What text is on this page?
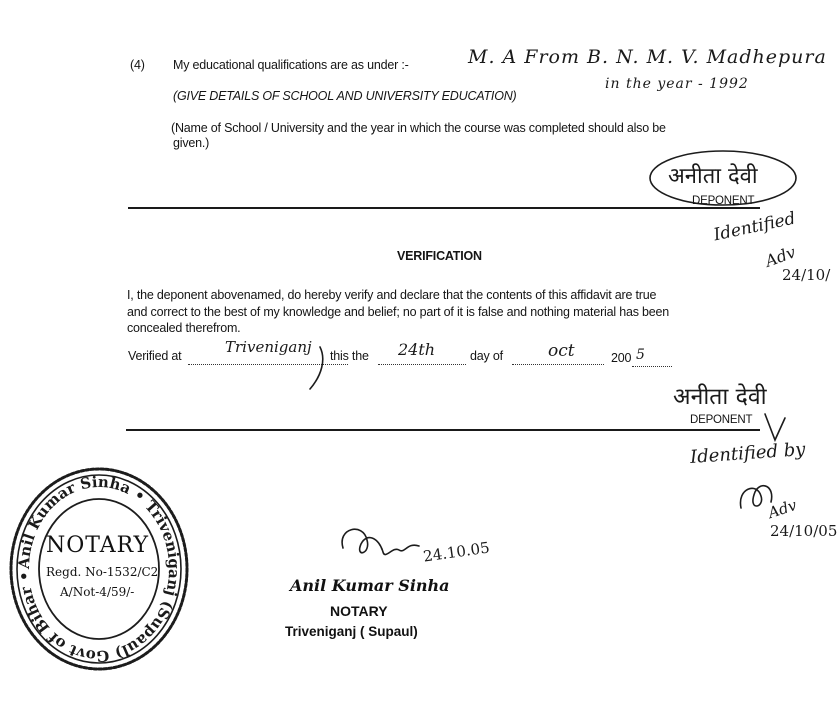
(4) My educational qualifications are as under :-	M. A From B. N. M. V. Madhepura
in the year - 1992
(GIVE DETAILS OF SCHOOL AND UNIVERSITY EDUCATION)
(Name of School / University and the year in which the course was completed should also be
given.)
अनीता देवी
DEPONENT
Identified
Adv
24/10/
VERIFICATION
I, the deponent abovenamed, do hereby verify and declare that the contents of this affidavit are true
and correct to the best of my knowledge and belief; no part of it is false and nothing material has been
concealed therefrom.
Verified at	Triveniganj this the 24th	day of	oct	200 5
अनीता देवी
DEPONENT
Identified by
Adv
24/10/05
Anil Kumar Sinha • Triveniganj (Supaul) Govt of Bihar •
NOTARY
Regd. No-1532/C2
A/Not-4/59/-
24.10.05
Anil Kumar Sinha
NOTARY
Triveniganj ( Supaul)
